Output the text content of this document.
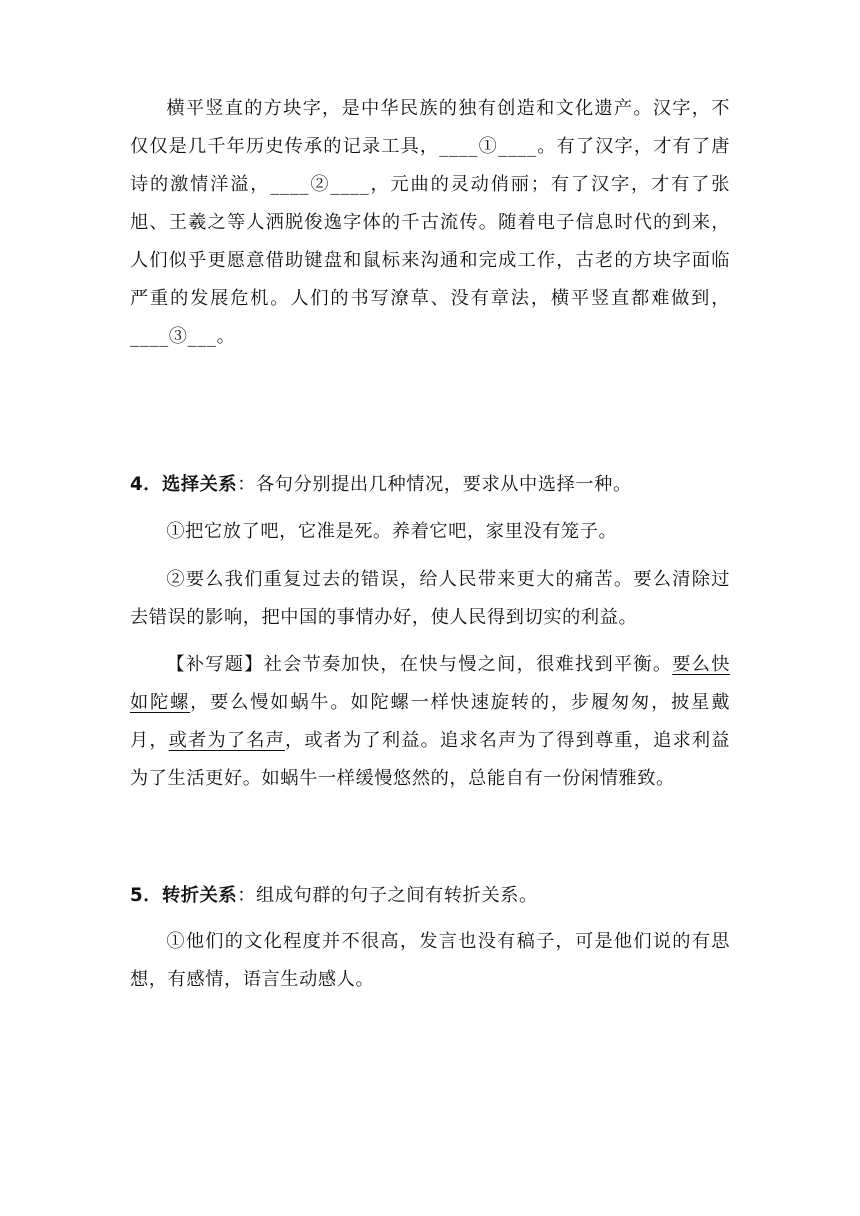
横平竖直的方块字，是中华民族的独有创造和文化遗产。汉字，不仅仅是几千年历史传承的记录工具，____①____。有了汉字，才有了唐诗的激情洋溢，____②____，元曲的灵动俏丽；有了汉字，才有了张旭、王羲之等人洒脱俊逸字体的千古流传。随着电子信息时代的到来，人们似乎更愿意借助键盘和鼠标来沟通和完成工作，古老的方块字面临严重的发展危机。人们的书写潦草、没有章法，横平竖直都难做到，____③___。

4．选择关系：各句分别提出几种情况，要求从中选择一种。

①把它放了吧，它准是死。养着它吧，家里没有笼子。

②要么我们重复过去的错误，给人民带来更大的痛苦。要么清除过去错误的影响，把中国的事情办好，使人民得到切实的利益。

【补写题】社会节奏加快，在快与慢之间，很难找到平衡。要么快如陀螺，要么慢如蜗牛。如陀螺一样快速旋转的，步履匆匆，披星戴月，或者为了名声，或者为了利益。追求名声为了得到尊重，追求利益为了生活更好。如蜗牛一样缓慢悠然的，总能自有一份闲情雅致。

5．转折关系：组成句群的句子之间有转折关系。

①他们的文化程度并不很高，发言也没有稿子，可是他们说的有思想，有感情，语言生动感人。
